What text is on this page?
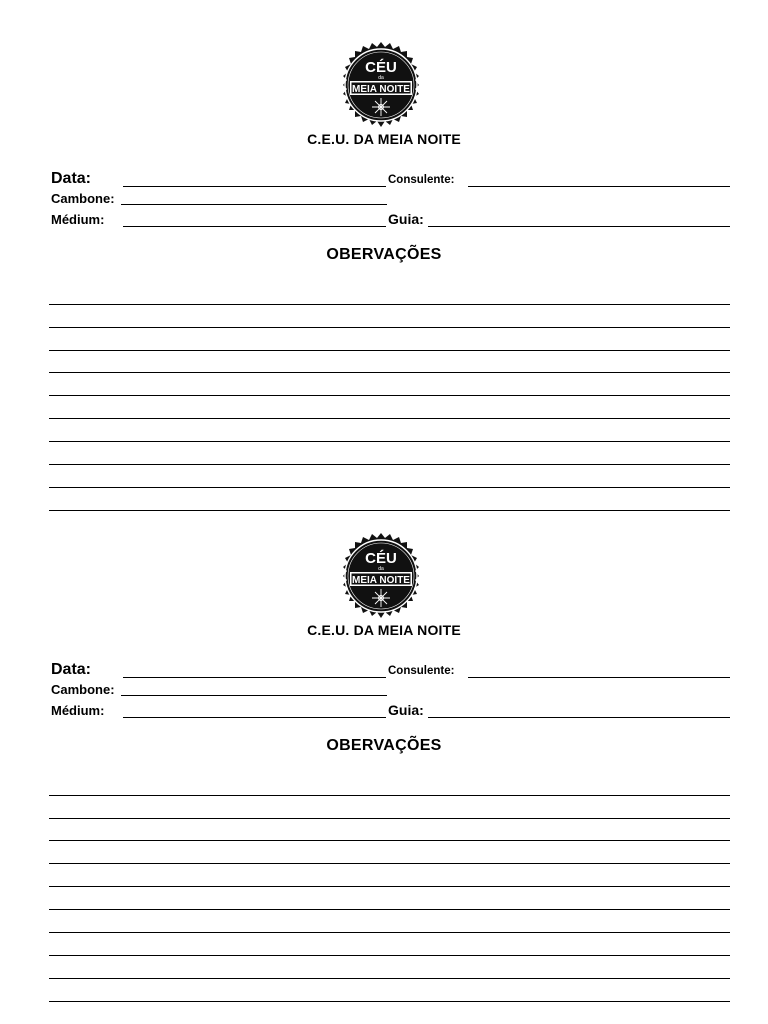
CÉU
da
MEIA NOITE
C.E.U. DA MEIA NOITE
Data:	Consulente:
Cambone:
Médium:	Guia:
OBERVAÇÕES
CÉU
da
MEIA NOITE
C.E.U. DA MEIA NOITE
Data:	Consulente:
Cambone:
Médium:	Guia:
OBERVAÇÕES
